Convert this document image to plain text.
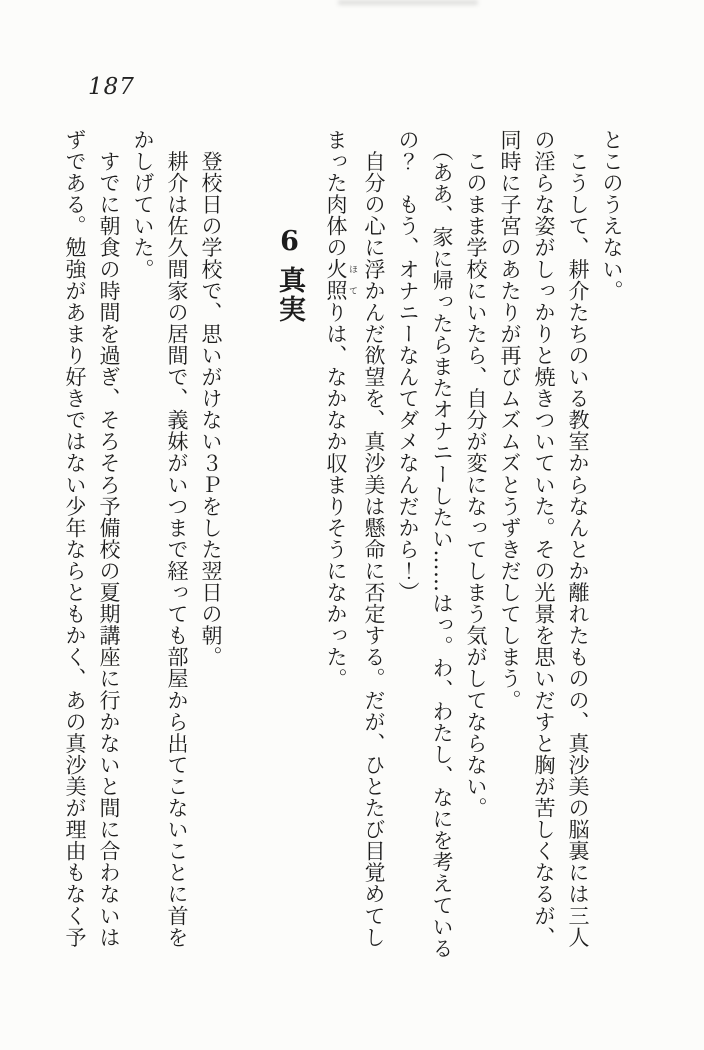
187

とこのうえない。

　こうして、耕介たちのいる教室からなんとか離れたものの、真沙美の脳裏には三人

の淫らな姿がしっかりと焼きついていた。その光景を思いだすと胸が苦しくなるが、

同時に子宮のあたりが再びムズムズとうずきだしてしまう。

　このまま学校にいたら、自分が変になってしまう気がしてならない。

　（ああ、家に帰ったらまたオナニーしたい……はっ。わ、わたし、なにを考えている

の？　もう、オナニーなんてダメなんだから！）

　自分の心に浮かんだ欲望を、真沙美は懸命に否定する。だが、ひとたび目覚めてし

まった肉体の火照 ほてりは、なかなか収まりそうになかった。

6真実

　登校日の学校で、思いがけない３Ｐをした翌日の朝。

　耕介は佐久間家の居間で、義妹がいつまで経っても部屋から出てこないことに首を

かしげていた。

　すでに朝食の時間を過ぎ、そろそろ予備校の夏期講座に行かないと間に合わないは

ずである。勉強があまり好きではない少年ならともかく、あの真沙美が理由もなく予
